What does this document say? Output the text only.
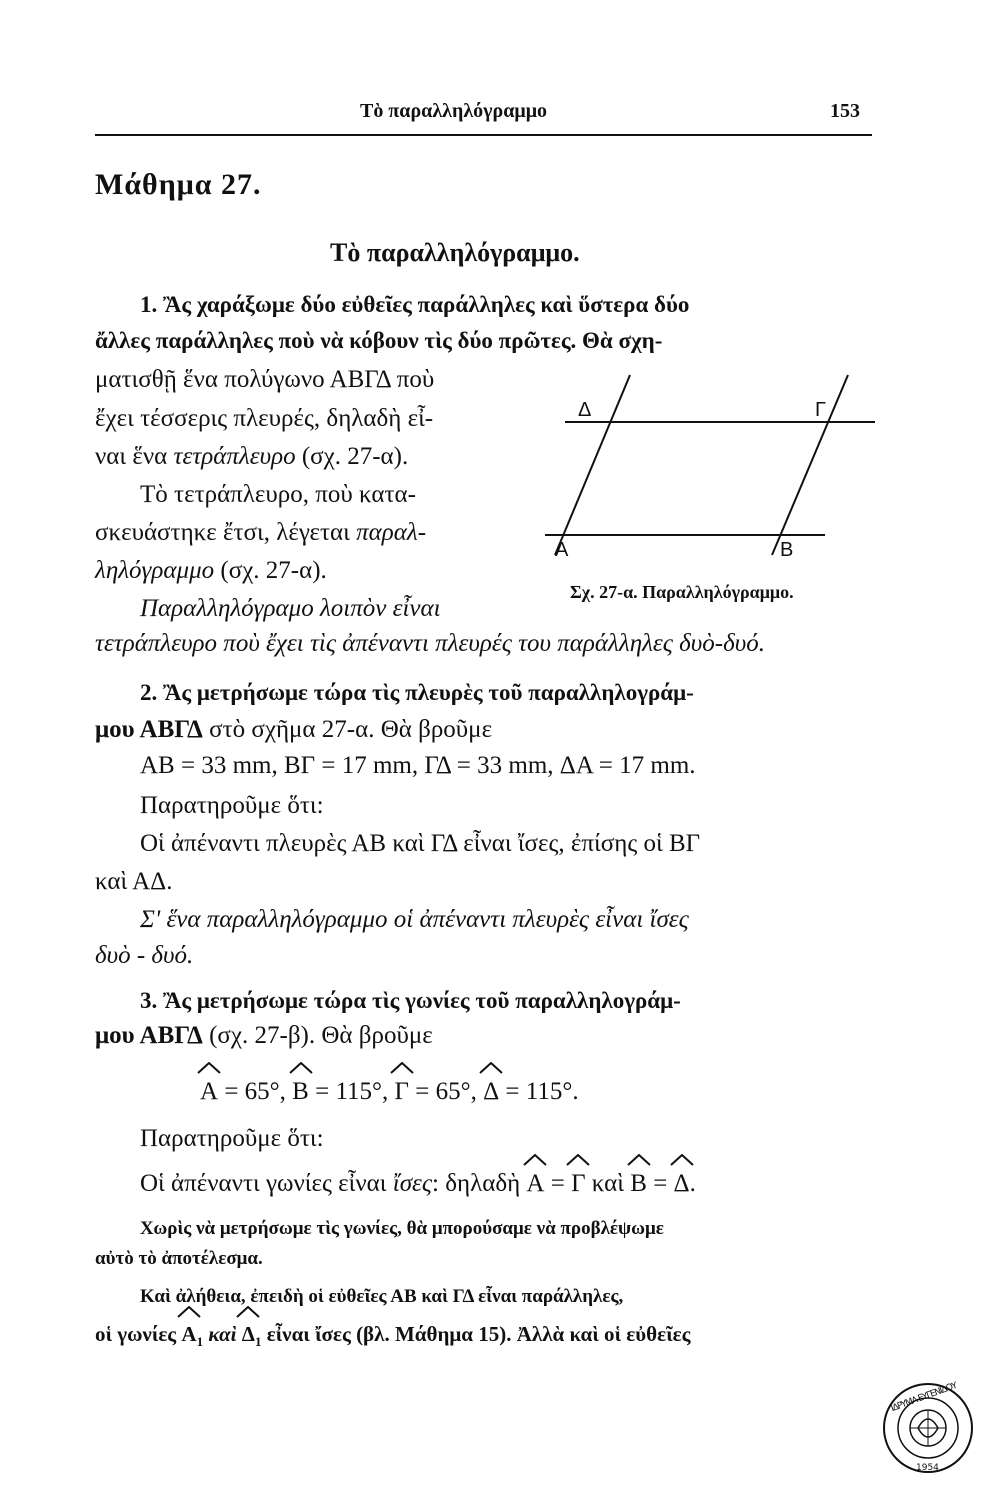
Τὸ παραλληλόγραμμο	153
Μάθημα 27.
Τὸ παραλληλόγραμμο.
1. Ἂς χαράξωμε δύο εὐθεῖες παράλληλες καὶ ὕστερα δύο
ἄλλες παράλληλες ποὺ νὰ κόβουν τὶς δύο πρῶτες. Θὰ σχη-
ματισθῇ ἕνα πολύγωνο ΑΒΓΔ ποὺ
ἔχει τέσσερις πλευρές, δηλαδὴ εἶ-
ναι ἕνα τετράπλευρο (σχ. 27-α).
Τὸ τετράπλευρο, ποὺ κατα-
σκευάστηκε ἔτσι, λέγεται παραλ-
ληλόγραμμο (σχ. 27-α).
Παραλληλόγραμο λοιπὸν εἶναι
τετράπλευρο ποὺ ἔχει τὶς ἀπέναντι πλευρές του παράλληλες δυὸ-δυό.
Δ	Γ
Α	Β
Σχ. 27-α. Παραλληλόγραμμο.
2. Ἂς μετρήσωμε τώρα τὶς πλευρὲς τοῦ παραλληλογράμ-
μου ΑΒΓΔ στὸ σχῆμα 27-α. Θὰ βροῦμε
ΑΒ = 33 mm, ΒΓ = 17 mm, ΓΔ = 33 mm, ΔΑ = 17 mm.
Παρατηροῦμε ὅτι:
Οἱ ἀπέναντι πλευρὲς ΑΒ καὶ ΓΔ εἶναι ἴσες, ἐπίσης οἱ ΒΓ
καὶ ΑΔ.
Σ' ἕνα παραλληλόγραμμο οἱ ἀπέναντι πλευρὲς εἶναι ἴσες
δυὸ - δυό.
3. Ἂς μετρήσωμε τώρα τὶς γωνίες τοῦ παραλληλογράμ-
μου ΑΒΓΔ (σχ. 27-β). Θὰ βροῦμε
Α = 65°,
Β = 115°,
Γ = 65°,
Δ = 115°.
Παρατηροῦμε ὅτι:
Οἱ ἀπέναντι γωνίες εἶναι ἴσες: δηλαδὴ
Α =
Γ καὶ
Β =
Δ.
Χωρὶς νὰ μετρήσωμε τὶς γωνίες, θὰ μπορούσαμε νὰ προβλέψωμε
αὐτὸ τὸ ἀποτέλεσμα.
Καὶ ἀλήθεια, ἐπειδὴ οἱ εὐθεῖες ΑΒ καὶ ΓΔ εἶναι παράλληλες,
οἱ γωνίες
$A_1$ καὶ
$\Delta_1$ εἶναι ἴσες (βλ. Μάθημα 15). Ἀλλὰ καὶ οἱ εὐθεῖες
ΙΔΡΥΜΑ ΕΥΓΕΝΙΔΟΥ
1954
